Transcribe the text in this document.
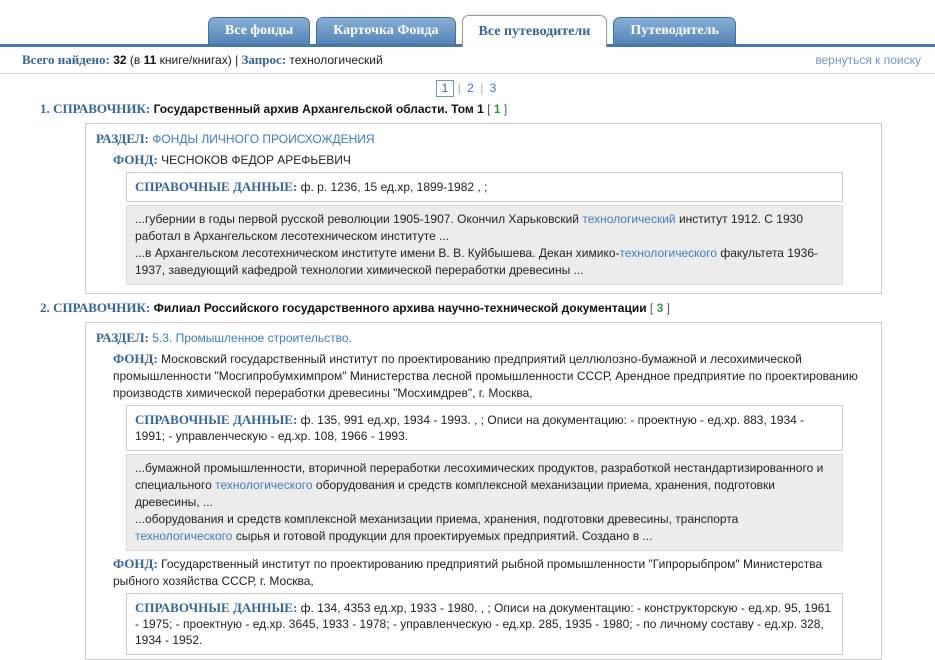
Все фонды	Карточка Фонда	Все путеводители	Путеводитель
Всего найдено: 32 (в 11 книге/книгах) | Запрос: технологический	вернуться к поиску
1 | 2 | 3
1. СПРАВОЧНИК: Государственный архив Архангельской области. Том 1 [ 1 ]
РАЗДЕЛ: ФОНДЫ ЛИЧНОГО ПРОИСХОЖДЕНИЯ
ФОНД: ЧЕСНОКОВ ФЕДОР АРЕФЬЕВИЧ
СПРАВОЧНЫЕ ДАННЫЕ: ф. р. 1236, 15 ед.хр, 1899-1982 , ;
...губернии в годы первой русской революции 1905-1907. Окончил Харьковский технологический институт 1912. С 1930 работал в Архангельском лесотехническом институте ...
...в Архангельском лесотехническом институте имени В. В. Куйбышева. Декан химико-технологического факультета 1936-1937, заведующий кафедрой технологии химической переработки древесины ...
2. СПРАВОЧНИК: Филиал Российского государственного архива научно-технической документации [ 3 ]
РАЗДЕЛ: 5.3. Промышленное строительство.
ФОНД: Московский государственный институт по проектированию предприятий целлюлозно-бумажной и лесохимической промышленности "Мосгипробумхимпром" Министерства лесной промышленности СССР, Арендное предприятие по проектированию производств химической переработки древесины "Мосхимдрев", г. Москва,
СПРАВОЧНЫЕ ДАННЫЕ: ф. 135, 991 ед.хр, 1934 - 1993. , ; Описи на документацию: - проектную - ед.хр. 883, 1934 - 1991; - управленческую - ед.хр. 108, 1966 - 1993.
...бумажной промышленности, вторичной переработки лесохимических продуктов, разработкой нестандартизированного и специального технологического оборудования и средств комплексной механизации приема, хранения, подготовки древесины, ...
...оборудования и средств комплексной механизации приема, хранения, подготовки древесины, транспорта технологического сырья и готовой продукции для проектируемых предприятий. Создано в ...
ФОНД: Государственный институт по проектированию предприятий рыбной промышленности "Гипрорыбпром" Министерства рыбного хозяйства СССР, г. Москва,
СПРАВОЧНЫЕ ДАННЫЕ: ф. 134, 4353 ед.хр, 1933 - 1980. , ; Описи на документацию: - конструкторскую - ед.хр. 95, 1961 - 1975; - проектную - ед.хр. 3645, 1933 - 1978; - управленческую - ед.хр. 285, 1935 - 1980; - по личному составу - ед.хр. 328, 1934 - 1952.
